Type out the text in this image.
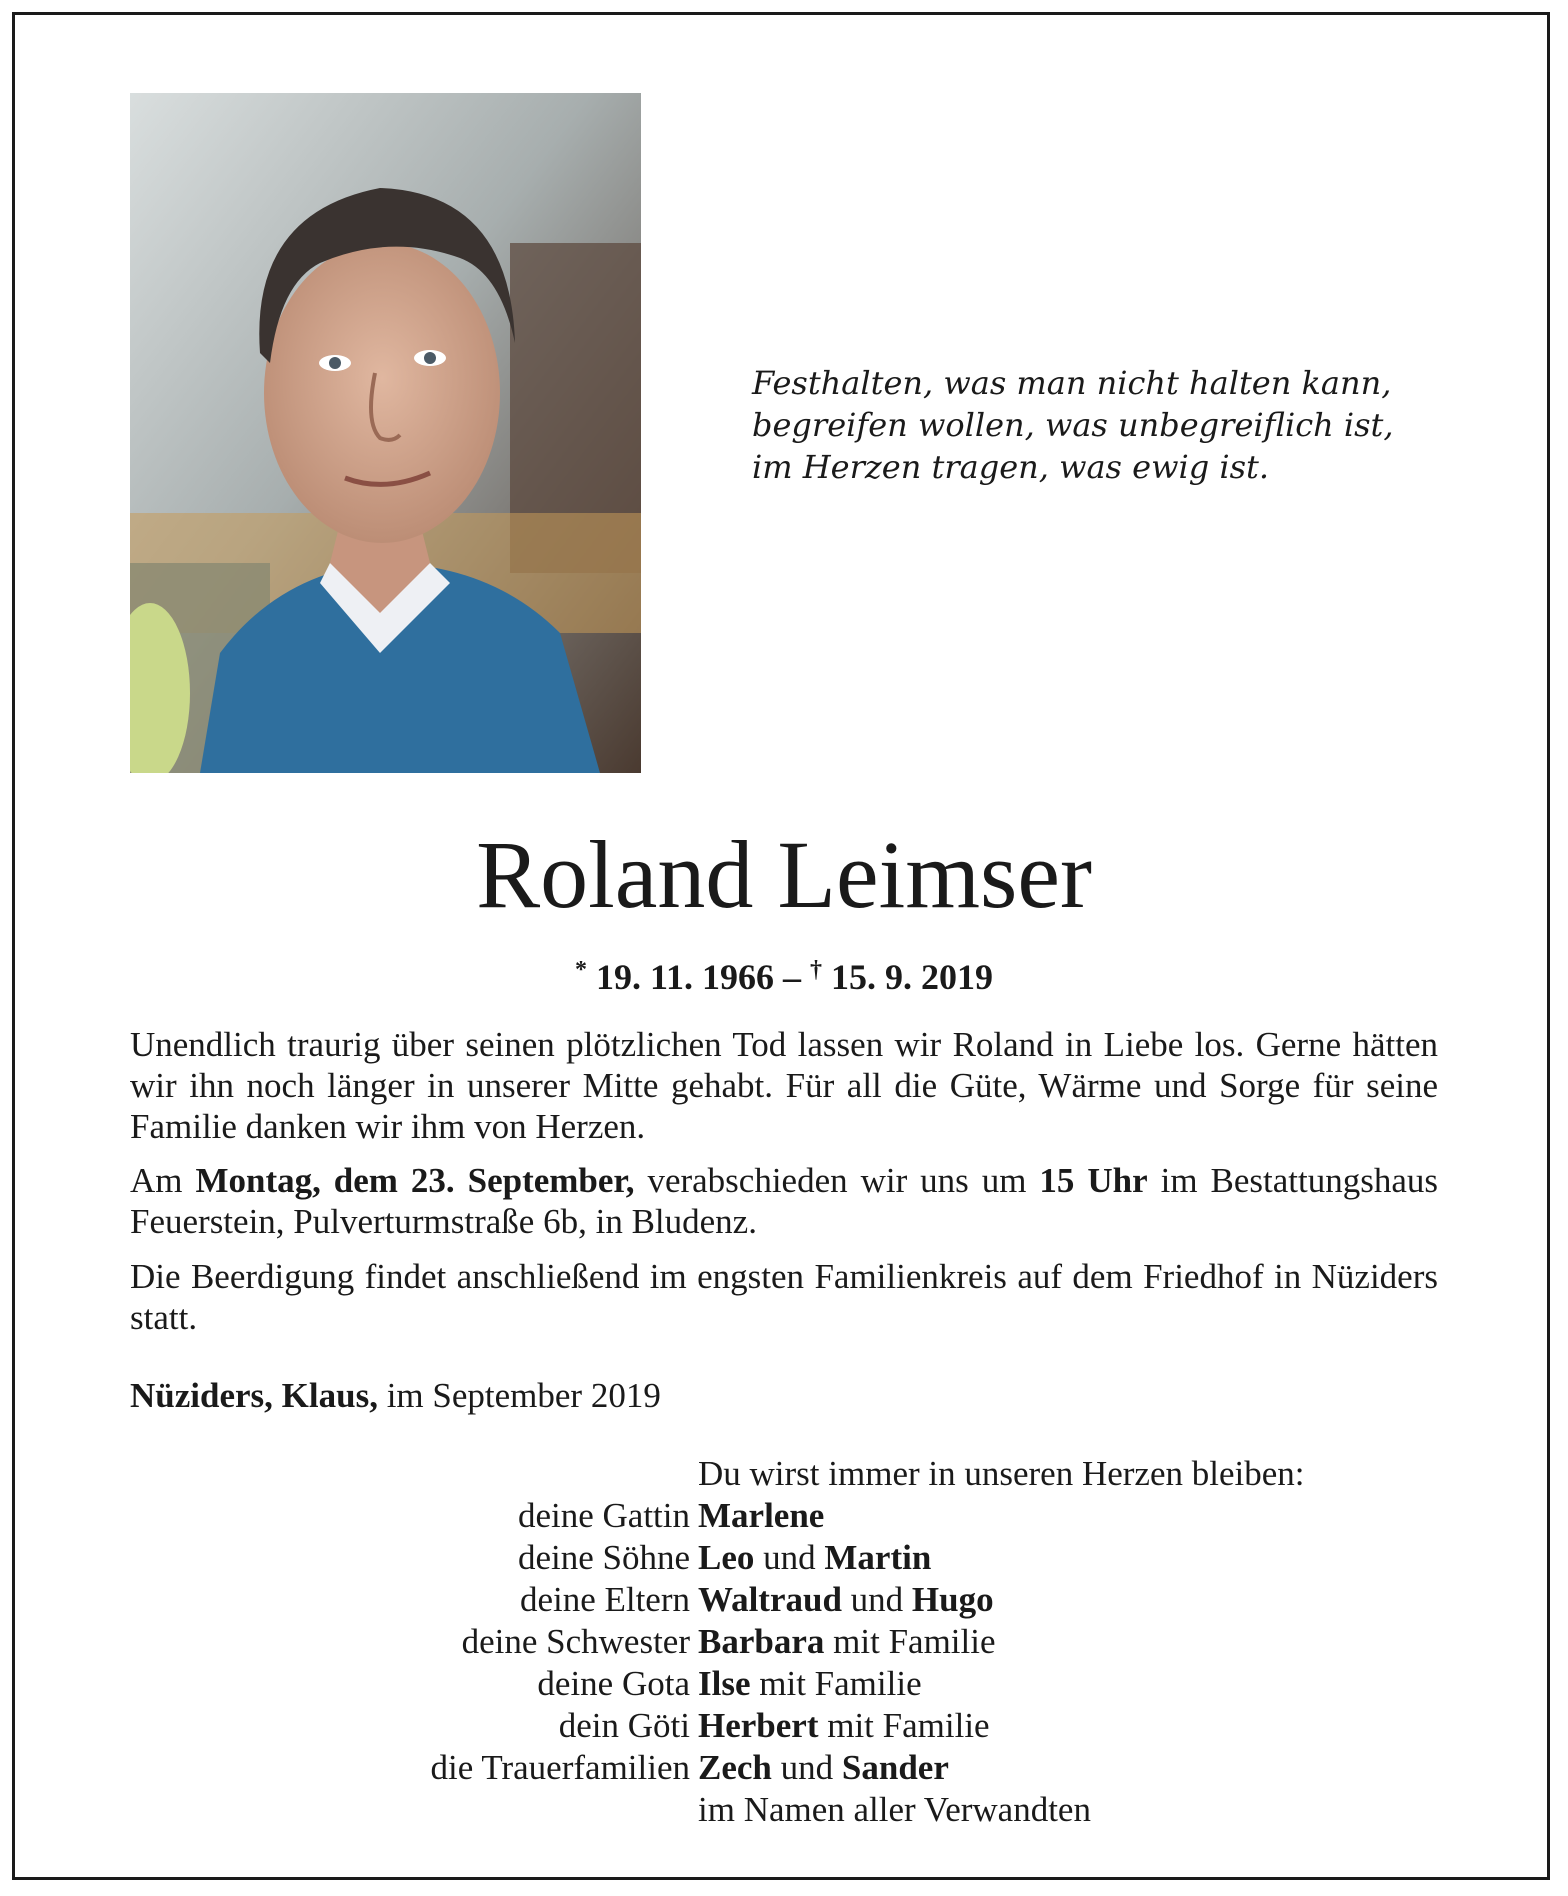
Festhalten, was man nicht halten kann,
begreifen wollen, was unbegreiflich ist,
im Herzen tragen, was ewig ist.
Roland Leimser
* 19. 11. 1966 – † 15. 9. 2019
Unendlich traurig über seinen plötzlichen Tod lassen wir Roland in Liebe los. Gerne hätten wir ihn noch länger in unserer Mitte gehabt. Für all die Güte, Wärme und Sorge für seine Familie danken wir ihm von Herzen.
Am Montag, dem 23. September, verabschieden wir uns um 15 Uhr im Bestattungshaus Feuerstein, Pulverturmstraße 6b, in Bludenz.
Die Beerdigung findet anschließend im engsten Familienkreis auf dem Friedhof in Nüziders statt.
Nüziders, Klaus, im September 2019
Du wirst immer in unseren Herzen bleiben:
deine Gattin Marlene
deine Söhne Leo und Martin
deine Eltern Waltraud und Hugo
deine Schwester Barbara mit Familie
deine Gota Ilse mit Familie
dein Göti Herbert mit Familie
die Trauerfamilien Zech und Sander
im Namen aller Verwandten
